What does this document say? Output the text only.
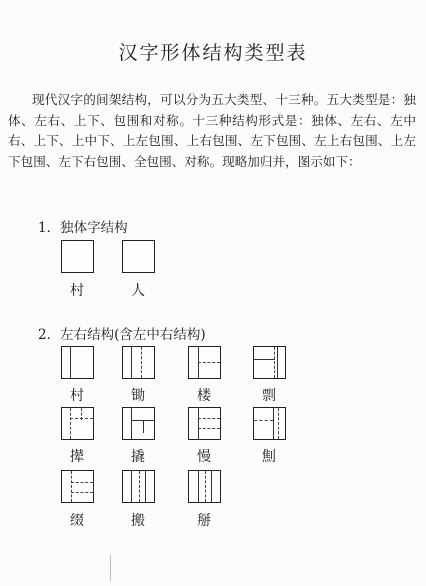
汉字形体结构类型表
现代汉字的间架结构，可以分为五大类型、十三种。五大类型是：独体、左右、上下、包围和对称。十三种结构形式是：独体、左右、左中右、上下、上中下、上左包围、上右包围、左下包围、左上右包围、上左下包围、左下右包围、全包围、对称。现略加归并，图示如下：
1．独体字结构
村	人
2．左右结构(含左中右结构)
村	锄	楼	剽
撵	撬	慢	劁
缀	搬	掰
